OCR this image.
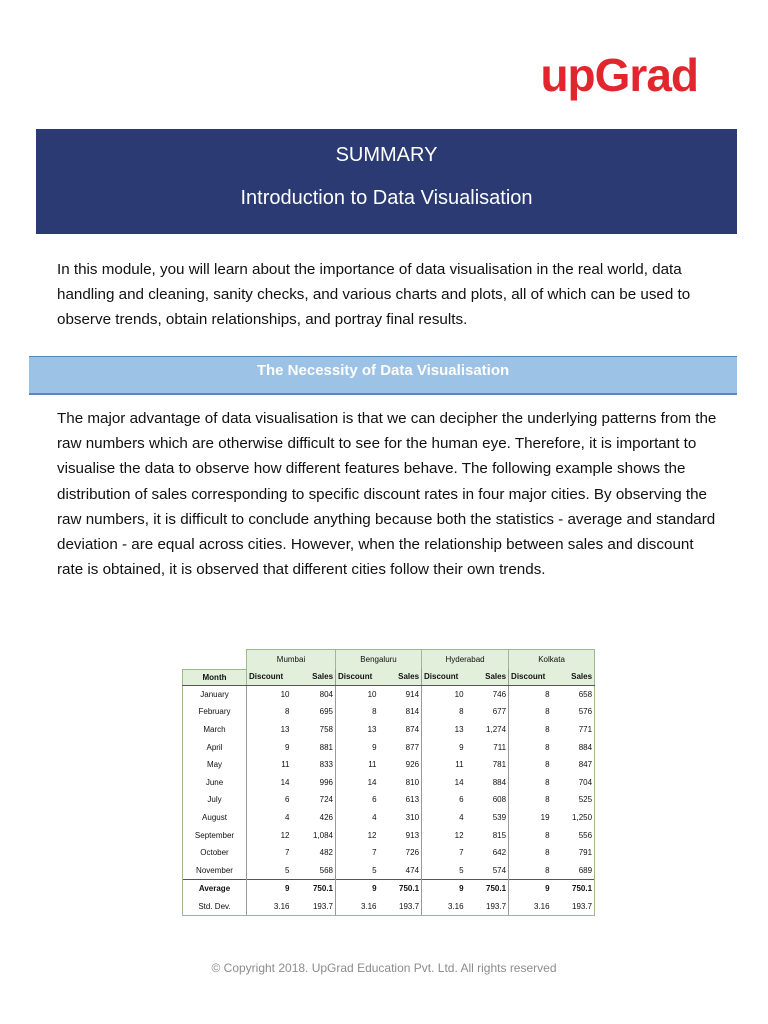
upGrad
SUMMARY
Introduction to Data Visualisation
In this module, you will learn about the importance of data visualisation in the real world, data handling and cleaning, sanity checks, and various charts and plots, all of which can be used to observe trends, obtain relationships, and portray final results.
The Necessity of Data Visualisation
The major advantage of data visualisation is that we can decipher the underlying patterns from the raw numbers which are otherwise difficult to see for the human eye. Therefore, it is important to visualise the data to observe how different features behave. The following example shows the distribution of sales corresponding to specific discount rates in four major cities. By observing the raw numbers, it is difficult to conclude anything because both the statistics - average and standard deviation - are equal across cities. However, when the relationship between sales and discount rate is obtained, it is observed that different cities follow their own trends.
	Mumbai		Bengaluru		Hyderabad		Kolkata	
Month	Discount	Sales	Discount	Sales	Discount	Sales	Discount	Sales
January	10	804	10	914	10	746	8	658
February	8	695	8	814	8	677	8	576
March	13	758	13	874	13	1,274	8	771
April	9	881	9	877	9	711	8	884
May	11	833	11	926	11	781	8	847
June	14	996	14	810	14	884	8	704
July	6	724	6	613	6	608	8	525
August	4	426	4	310	4	539	19	1,250
September	12	1,084	12	913	12	815	8	556
October	7	482	7	726	7	642	8	791
November	5	568	5	474	5	574	8	689
Average	9	750.1	9	750.1	9	750.1	9	750.1
Std. Dev.	3.16	193.7	3.16	193.7	3.16	193.7	3.16	193.7
© Copyright 2018. UpGrad Education Pvt. Ltd. All rights reserved
